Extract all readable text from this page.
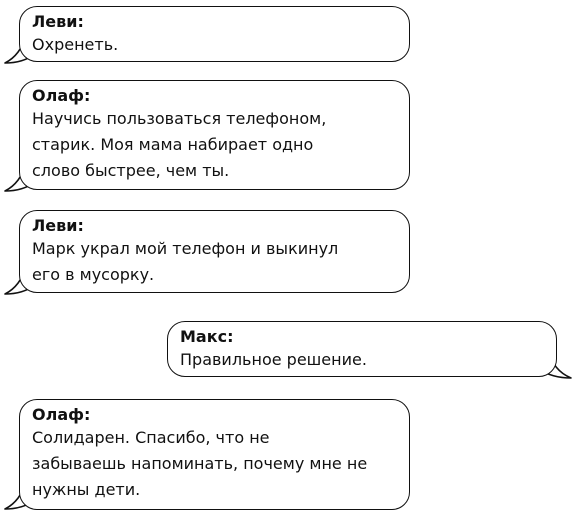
Леви:

Охренеть.

Олаф:

Научись пользоваться телефоном,
старик. Моя мама набирает одно
слово быстрее, чем ты.

Леви:

Марк украл мой телефон и выкинул
его в мусорку.

Макс:

Правильное решение.

Олаф:

Солидарен. Спасибо, что не
забываешь напоминать, почему мне не
нужны дети.
